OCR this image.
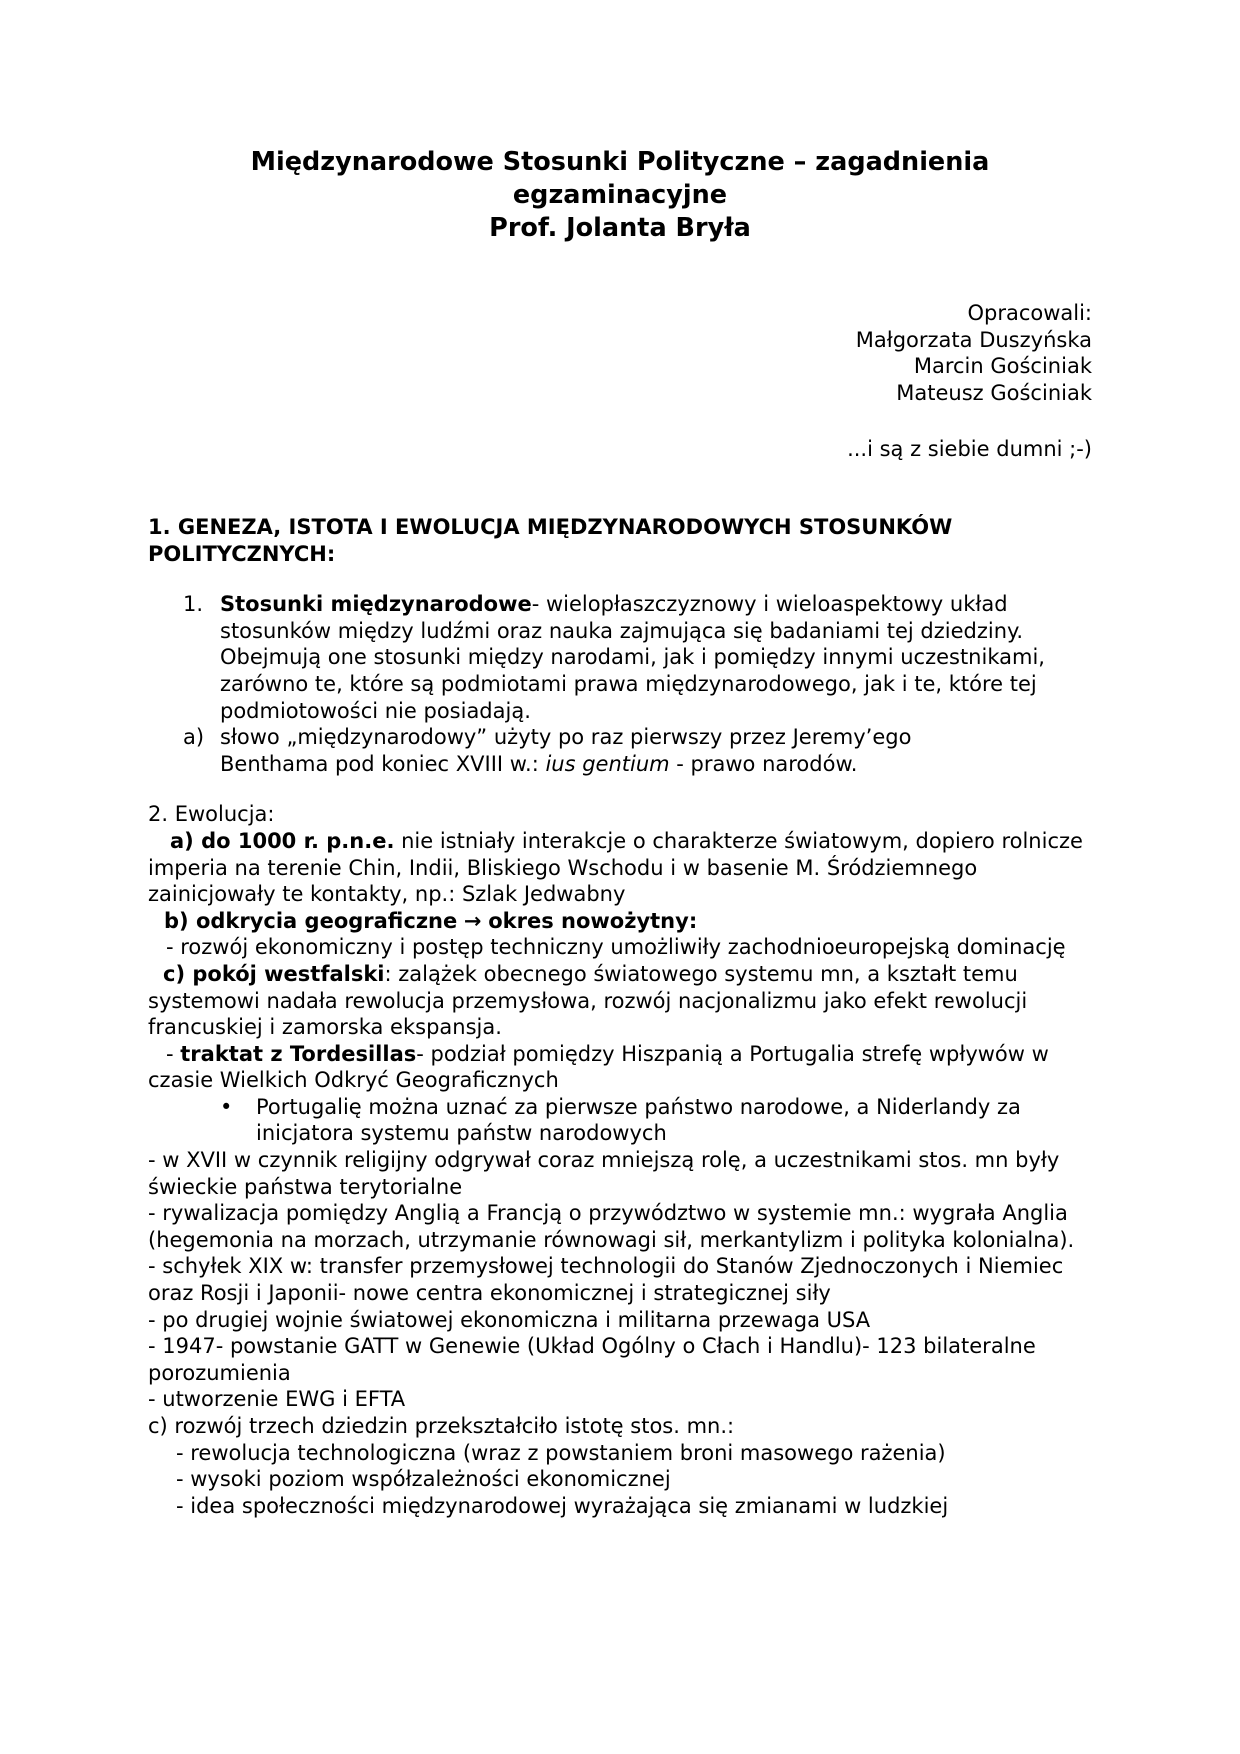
Międzynarodowe Stosunki Polityczne – zagadnienia
egzaminacyjne
Prof. Jolanta Bryła
Opracowali:
Małgorzata Duszyńska
Marcin Gościniak
Mateusz Gościniak
...i są z siebie dumni ;-)
1. GENEZA, ISTOTA I EWOLUCJA MIĘDZYNARODOWYCH STOSUNKÓW
POLITYCZNYCH:
1. Stosunki międzynarodowe- wielopłaszczyznowy i wieloaspektowy układ stosunków między ludźmi oraz nauka zajmująca się badaniami tej dziedziny. Obejmują one stosunki między narodami, jak i pomiędzy innymi uczestnikami, zarówno te, które są podmiotami prawa międzynarodowego, jak i te, które tej podmiotowości nie posiadają.
a) słowo „międzynarodowy” użyty po raz pierwszy przez Jeremy’ego Benthama pod koniec XVIII w.: ius gentium - prawo narodów.

2. Ewolucja:

a) do 1000 r. p.n.e. nie istniały interakcje o charakterze światowym, dopiero rolnicze imperia na terenie Chin, Indii, Bliskiego Wschodu i w basenie M. Śródziemnego zainicjowały te kontakty, np.: Szlak Jedwabny

b) odkrycia geograficzne → okres nowożytny:

- rozwój ekonomiczny i postęp techniczny umożliwiły zachodnioeuropejską dominację

c) pokój westfalski: zalążek obecnego światowego systemu mn, a kształt temu systemowi nadała rewolucja przemysłowa, rozwój nacjonalizmu jako efekt rewolucji francuskiej i zamorska ekspansja.

- traktat z Tordesillas- podział pomiędzy Hiszpanią a Portugalia strefę wpływów w czasie Wielkich Odkryć Geograficznych

•	Portugalię można uznać za pierwsze państwo narodowe, a Niderlandy za inicjatora systemu państw narodowych

- w XVII w czynnik religijny odgrywał coraz mniejszą rolę, a uczestnikami stos. mn były świeckie państwa terytorialne

- rywalizacja pomiędzy Anglią a Francją o przywództwo w systemie mn.: wygrała Anglia (hegemonia na morzach, utrzymanie równowagi sił, merkantylizm i polityka kolonialna).

- schyłek XIX w: transfer przemysłowej technologii do Stanów Zjednoczonych i Niemiec oraz Rosji i Japonii- nowe centra ekonomicznej i strategicznej siły

- po drugiej wojnie światowej ekonomiczna i militarna przewaga USA

- 1947- powstanie GATT w Genewie (Układ Ogólny o Cłach i Handlu)- 123 bilateralne porozumienia

- utworzenie EWG i EFTA

c) rozwój trzech dziedzin przekształciło istotę stos. mn.:

- rewolucja technologiczna (wraz z powstaniem broni masowego rażenia)

- wysoki poziom współzależności ekonomicznej

- idea społeczności międzynarodowej wyrażająca się zmianami w ludzkiej
